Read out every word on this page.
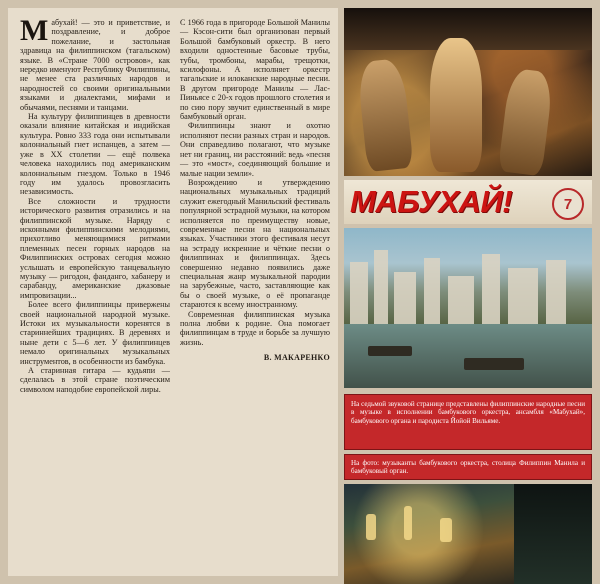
Мабухай! — это и приветствие, и поздравление, и доброе пожелание, и застольная здравица на филиппинском (тагальском) языке. В «Стране 7000 островов», как нередко именуют Республику Филиппины, не менее ста различных народов и народностей со своими оригинальными языками и диалектами, мифами и обычаями, песнями и танцами.

На культуру филиппинцев в древности оказали влияние китайская и индийская культура. Ровно 333 года они испытывали колониальный гнет испанцев, а затем — уже в XX столетии — ещё полвека человека находились под американским колониальным гнездом. Только в 1946 году им удалось провозгласить независимость.

Все сложности и трудности исторического развития отразились и на филиппинской музыке. Наряду с исконными филиппинскими мелодиями, прихотливо меняющимися ритмами племенных песен горных народов на Филиппинских островах сегодня можно услышать и европейскую танцевальную музыку — ригодон, фанданго, хабанеру и сарабанду, американские джазовые импровизации...

Более всего филиппинцы привержены своей национальной народной музыке. Истоки их музыкальности коренятся в стариннейших традициях. В деревнях и ныне дети с 5—6 лет. У филиппинцев немало оригинальных музыкальных инструментов, в особенности из бамбука.

А старинная гитара — кудьяпи — сделалась в этой стране поэтическим символом наподобие европейской лиры.

С 1966 года в пригороде Большой Манилы — Кэсон-сити был организован первый Большой бамбуковый оркестр. В него входили одностенные басовые трубы, тубы, тромбоны, марабы, трещотки, ксилофоны. А исполняет оркестр тагальские и илоканские народные песни. В другом пригороде Манилы — Лас-Пиньясе с 20-х годов прошлого столетия и по сию пору звучит единственный в мире бамбуковый орган.

Филиппинцы знают и охотно исполняют песни разных стран и народов. Они справедливо полагают, что музыке нет ни границ, ни расстояний: ведь «песня — это «мост», соединяющий большие и малые нации земли».

Возрождению и утверждению национальных музыкальных традиций служит ежегодный Манильский фестиваль популярной эстрадной музыки, на котором исполняется по преимуществу новые, современные песни на национальных языках. Участники этого фестиваля несут на эстраду искренние и чёткие песни о филиппинах и филиппинцах. Здесь совершенно недавно появились даже специальная жанр музыкальной пародии на зарубежные, часто, заставляющие как бы о своей музыке, о её пропаганде стараются к всему иностранному.

Современная филиппинская музыка полна любви к родине. Она помогает филиппинцам в труде и борьбе за лучшую жизнь.

В. МАКАРЕНКО
МАБУХАЙ!	7
На седьмой звуковой странице представлены филиппинские народные песни в музыке в исполнении бамбукового оркестра, ансамбля «Мабухай», бамбукового органа и пародиста Йойой Вильяме.
На фото: музыканты бамбукового оркестра, столица Филиппин Манила и бамбуковый орган.
